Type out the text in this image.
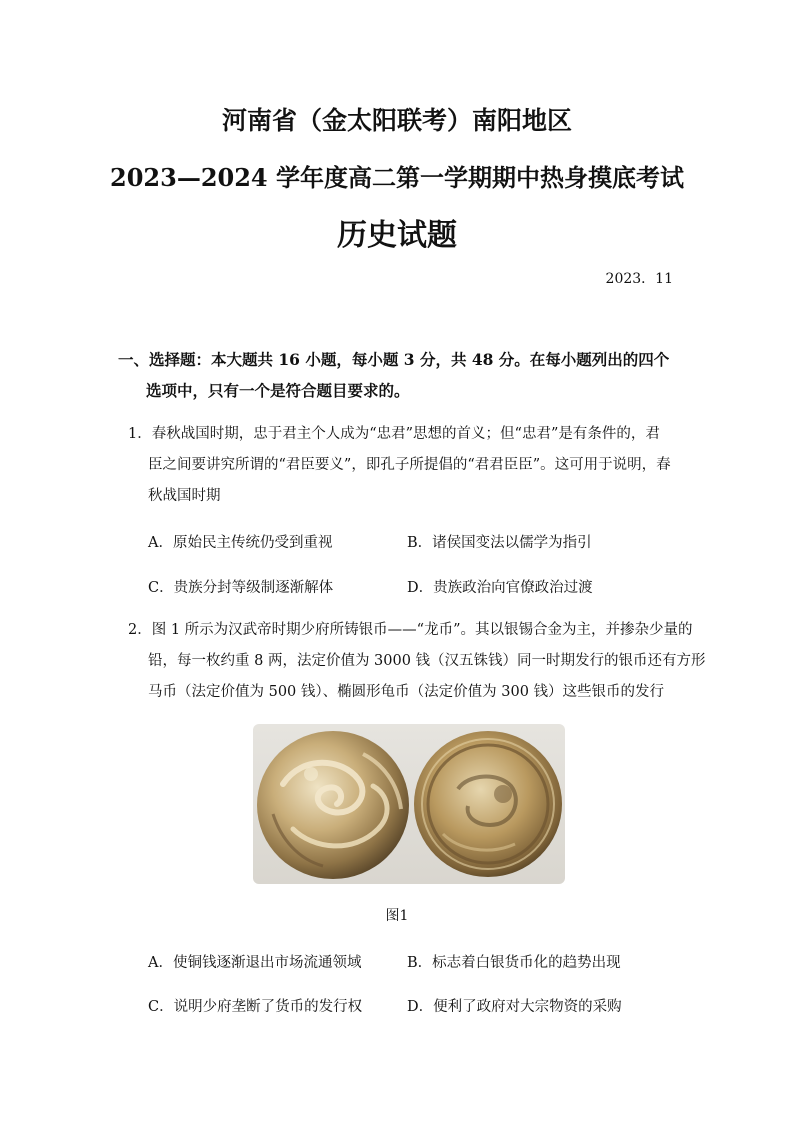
河南省（金太阳联考）南阳地区
2023—2024 学年度高二第一学期期中热身摸底考试
历史试题
2023．11
一、选择题：本大题共 16 小题，每小题 3 分，共 48 分。在每小题列出的四个
选项中，只有一个是符合题目要求的。
1．春秋战国时期，忠于君主个人成为“忠君”思想的首义；但“忠君”是有条件的，君
臣之间要讲究所谓的“君臣要义”，即孔子所提倡的“君君臣臣”。这可用于说明，春
秋战国时期
A．原始民主传统仍受到重视	B．诸侯国变法以儒学为指引
C．贵族分封等级制逐渐解体	D．贵族政治向官僚政治过渡
2．图 1 所示为汉武帝时期少府所铸银币——“龙币”。其以银锡合金为主，并掺杂少量的
铅，每一枚约重 8 两，法定价值为 3000 钱（汉五铢钱）同一时期发行的银币还有方形
马币（法定价值为 500 钱）、椭圆形龟币（法定价值为 300 钱）这些银币的发行
图1
A．使铜钱逐渐退出市场流通领域	B．标志着白银货币化的趋势出现
C．说明少府垄断了货币的发行权	D．便利了政府对大宗物资的采购
